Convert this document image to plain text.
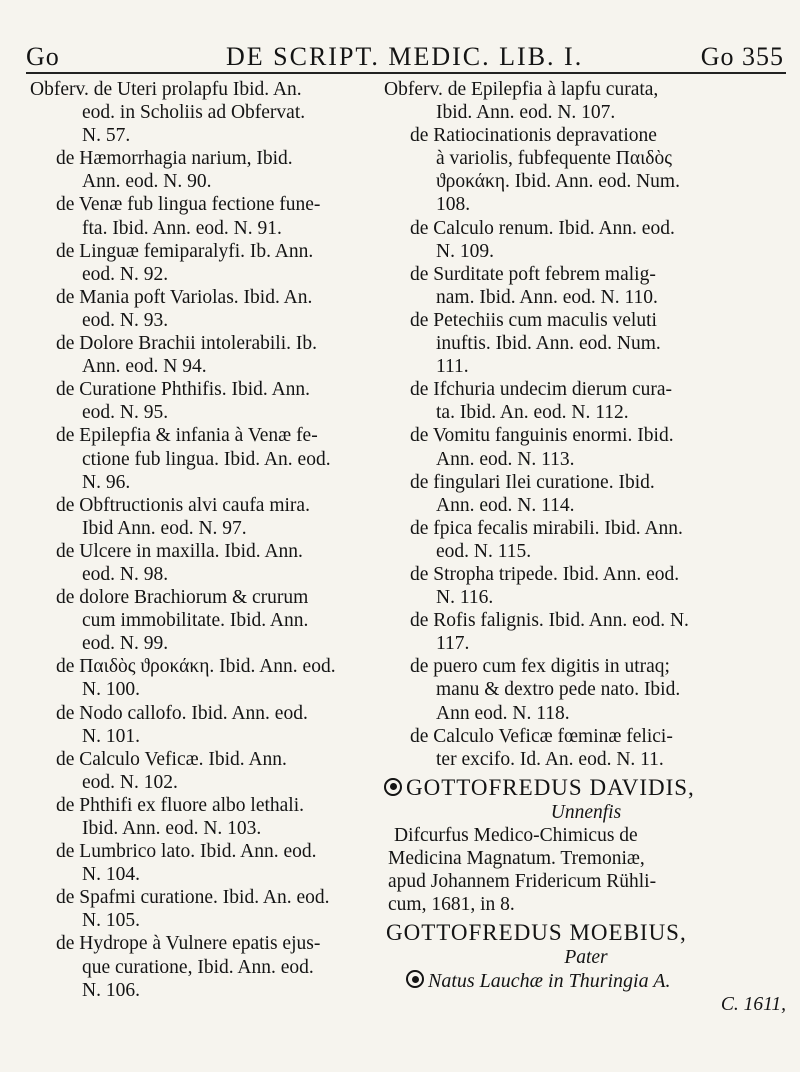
Go	DE SCRIPT. MEDIC. LIB. I.	Go 355
Obferv. de Uteri prolapfu Ibid. An.
eod. in Scholiis ad Obfervat.
N. 57.
de Hæmorrhagia narium, Ibid.
Ann. eod. N. 90.
de Venæ fub lingua fectione fune-
fta. Ibid. Ann. eod. N. 91.
de Linguæ femiparalyfi. Ib. Ann.
eod. N. 92.
de Mania poft Variolas. Ibid. An.
eod. N. 93.
de Dolore Brachii intolerabili. Ib.
Ann. eod. N 94.
de Curatione Phthifis. Ibid. Ann.
eod. N. 95.
de Epilepfia & infania à Venæ fe-
ctione fub lingua. Ibid. An. eod.
N. 96.
de Obftructionis alvi caufa mira.
Ibid Ann. eod. N. 97.
de Ulcere in maxilla. Ibid. Ann.
eod. N. 98.
de dolore Brachiorum & crurum
cum immobilitate. Ibid. Ann.
eod. N. 99.
de Παιδὸς ϑροκάκη. Ibid. Ann. eod.
N. 100.
de Nodo callofo. Ibid. Ann. eod.
N. 101.
de Calculo Veficæ. Ibid. Ann.
eod. N. 102.
de Phthifi ex fluore albo lethali.
Ibid. Ann. eod. N. 103.
de Lumbrico lato. Ibid. Ann. eod.
N. 104.
de Spafmi curatione. Ibid. An. eod.
N. 105.
de Hydrope à Vulnere epatis ejus-
que curatione, Ibid. Ann. eod.
N. 106.
Obferv. de Epilepfia à lapfu curata,
Ibid. Ann. eod. N. 107.
de Ratiocinationis depravatione
à variolis, fubfequente Παιδὸς
ϑροκάκη. Ibid. Ann. eod. Num.
108.
de Calculo renum. Ibid. Ann. eod.
N. 109.
de Surditate poft febrem malig-
nam. Ibid. Ann. eod. N. 110.
de Petechiis cum maculis veluti
inuftis. Ibid. Ann. eod. Num.
111.
de Ifchuria undecim dierum cura-
ta. Ibid. An. eod. N. 112.
de Vomitu fanguinis enormi. Ibid.
Ann. eod. N. 113.
de fingulari Ilei curatione. Ibid.
Ann. eod. N. 114.
de fpica fecalis mirabili. Ibid. Ann.
eod. N. 115.
de Stropha tripede. Ibid. Ann. eod.
N. 116.
de Rofis falignis. Ibid. Ann. eod. N.
117.
de puero cum fex digitis in utraq;
manu & dextro pede nato. Ibid.
Ann eod. N. 118.
de Calculo Veficæ fœminæ felici-
ter excifo. Id. An. eod. N. 11.
GOTTOFREDUS DAVIDIS,
Unnenfis
Difcurfus Medico-Chimicus de
Medicina Magnatum. Tremoniæ,
apud Johannem Fridericum Rühli-
cum, 1681, in 8.
GOTTOFREDUS MOEBIUS,
Pater
Natus Lauchæ in Thuringia A.
C. 1611,
